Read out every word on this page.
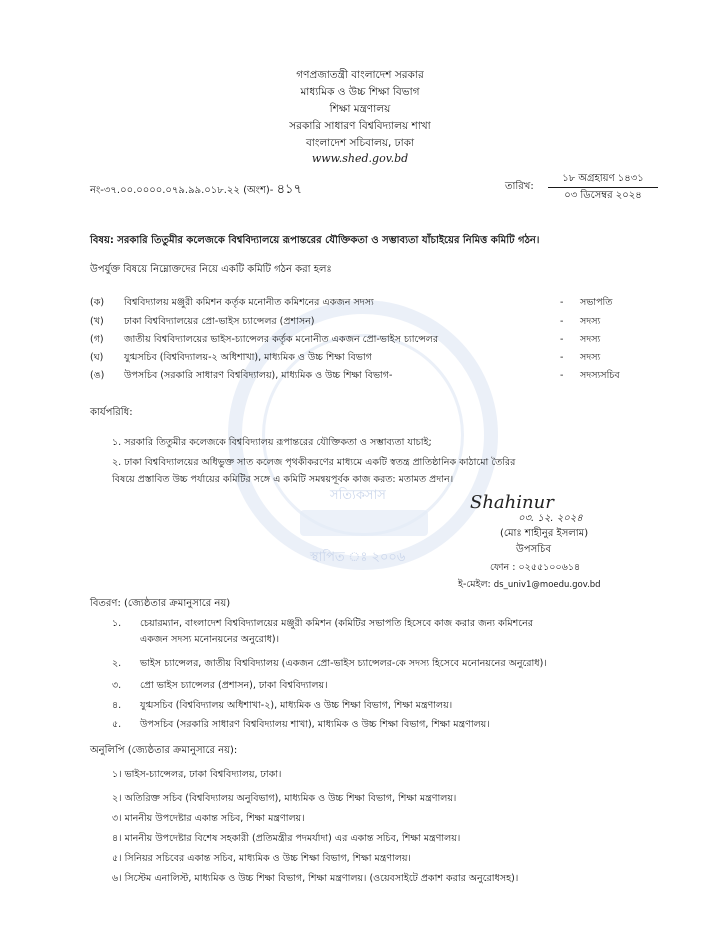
সত্যিকসাস
স্থাপিত ঃ ২০০৬
গণপ্রজাতন্ত্রী বাংলাদেশ সরকার
মাধ্যমিক ও উচ্চ শিক্ষা বিভাগ
শিক্ষা মন্ত্রণালয়
সরকারি সাধারণ বিশ্ববিদ্যালয় শাখা
বাংলাদেশ সচিবালয়, ঢাকা
www.shed.gov.bd
নং-৩৭.০০.০০০০.০৭৯.৯৯.০১৮.২২ (অংশ)- ৪১৭	তারিখ:
১৮ অগ্রহায়ণ ১৪৩১
০৩ ডিসেম্বর ২০২৪
বিষয়: সরকারি তিতুমীর কলেজকে বিশ্ববিদ্যালয়ে রূপান্তরের যৌক্তিকতা ও সম্ভাব্যতা যাঁচাইয়ের নিমিত্ত কমিটি গঠন।
উপর্যুক্ত বিষয়ে নিম্নোক্তদের নিয়ে একটি কমিটি গঠন করা হলঃ
(ক) বিশ্ববিদ্যালয় মঞ্জুরী কমিশন কর্তৃক মনোনীত কমিশনের একজন সদস্য	- সভাপতি
(খ) ঢাকা বিশ্ববিদ্যালয়ের প্রো-ভাইস চ্যান্সেলর (প্রশাসন)	- সদস্য
(গ) জাতীয় বিশ্ববিদ্যালয়ের ভাইস-চ্যান্সেলর কর্তৃক মনোনীত একজন প্রো-ভাইস চ্যান্সেলর	- সদস্য
(ঘ) যুগ্মসচিব (বিশ্ববিদ্যালয়-২ অধিশাখা), মাধ্যমিক ও উচ্চ শিক্ষা বিভাগ	- সদস্য
(ঙ) উপসচিব (সরকারি সাধারণ বিশ্ববিদ্যালয়), মাধ্যমিক ও উচ্চ শিক্ষা বিভাগ-	- সদস্যসচিব
কার্যপরিধি:
১. সরকারি তিতুমীর কলেজকে বিশ্ববিদ্যালয় রূপান্তরের যৌক্তিকতা ও সম্ভাব্যতা যাচাই;
২. ঢাকা বিশ্ববিদ্যালয়ের অধিভুক্ত সাত কলেজ পৃথকীকরণের মাধ্যমে একটি স্বতন্ত্র প্রাতিষ্ঠানিক কাঠামো তৈরির
বিষয়ে প্রস্তাবিত উচ্চ পর্যায়ের কমিটির সঙ্গে এ কমিটি সমন্বয়পূর্বক কাজ করত: মতামত প্রদান।
Shahinur
০৩. ১২. ২০২৪
(মোঃ শাহীনুর ইসলাম)
উপসচিব
ফোন : ০২৫৫১০০৬১৪
ই-মেইল: ds_univ1@moedu.gov.bd
বিতরণ: (জ্যেষ্ঠতার ক্রমানুসারে নয়)
১. চেয়ারম্যান, বাংলাদেশ বিশ্ববিদ্যালয়ের মঞ্জুরী কমিশন (কমিটির সভাপতি হিসেবে কাজ করার জন্য কমিশনের
একজন সদস্য মনোনয়নের অনুরোধ)।
২. ভাইস চ্যান্সেলর, জাতীয় বিশ্ববিদ্যালয় (একজন প্রো-ভাইস চ্যান্সেলর-কে সদস্য হিসেবে মনোনয়নের অনুরোধ)।
৩. প্রো ভাইস চ্যান্সেলর (প্রশাসন), ঢাকা বিশ্ববিদ্যালয়।
৪. যুগ্মসচিব (বিশ্ববিদ্যালয় অধিশাখা-২), মাধ্যমিক ও উচ্চ শিক্ষা বিভাগ, শিক্ষা মন্ত্রণালয়।
৫. উপসচিব (সরকারি সাধারণ বিশ্ববিদ্যালয় শাখা), মাধ্যমিক ও উচ্চ শিক্ষা বিভাগ, শিক্ষা মন্ত্রণালয়।
অনুলিপি (জ্যেষ্ঠতার ক্রমানুসারে নয়):
১। ভাইস-চ্যান্সেলর, ঢাকা বিশ্ববিদ্যালয়, ঢাকা।
২। অতিরিক্ত সচিব (বিশ্ববিদ্যালয় অনুবিভাগ), মাধ্যমিক ও উচ্চ শিক্ষা বিভাগ, শিক্ষা মন্ত্রণালয়।
৩। মাননীয় উপদেষ্টার একান্ত সচিব, শিক্ষা মন্ত্রণালয়।
৪। মাননীয় উপদেষ্টার বিশেষ সহকারী (প্রতিমন্ত্রীর পদমর্যাদা) এর একান্ত সচিব, শিক্ষা মন্ত্রণালয়।
৫। সিনিয়র সচিবের একান্ত সচিব, মাধ্যমিক ও উচ্চ শিক্ষা বিভাগ, শিক্ষা মন্ত্রণালয়।
৬। সিস্টেম এনালিস্ট, মাধ্যমিক ও উচ্চ শিক্ষা বিভাগ, শিক্ষা মন্ত্রণালয়। (ওয়েবসাইটে প্রকাশ করার অনুরোধসহ)।
